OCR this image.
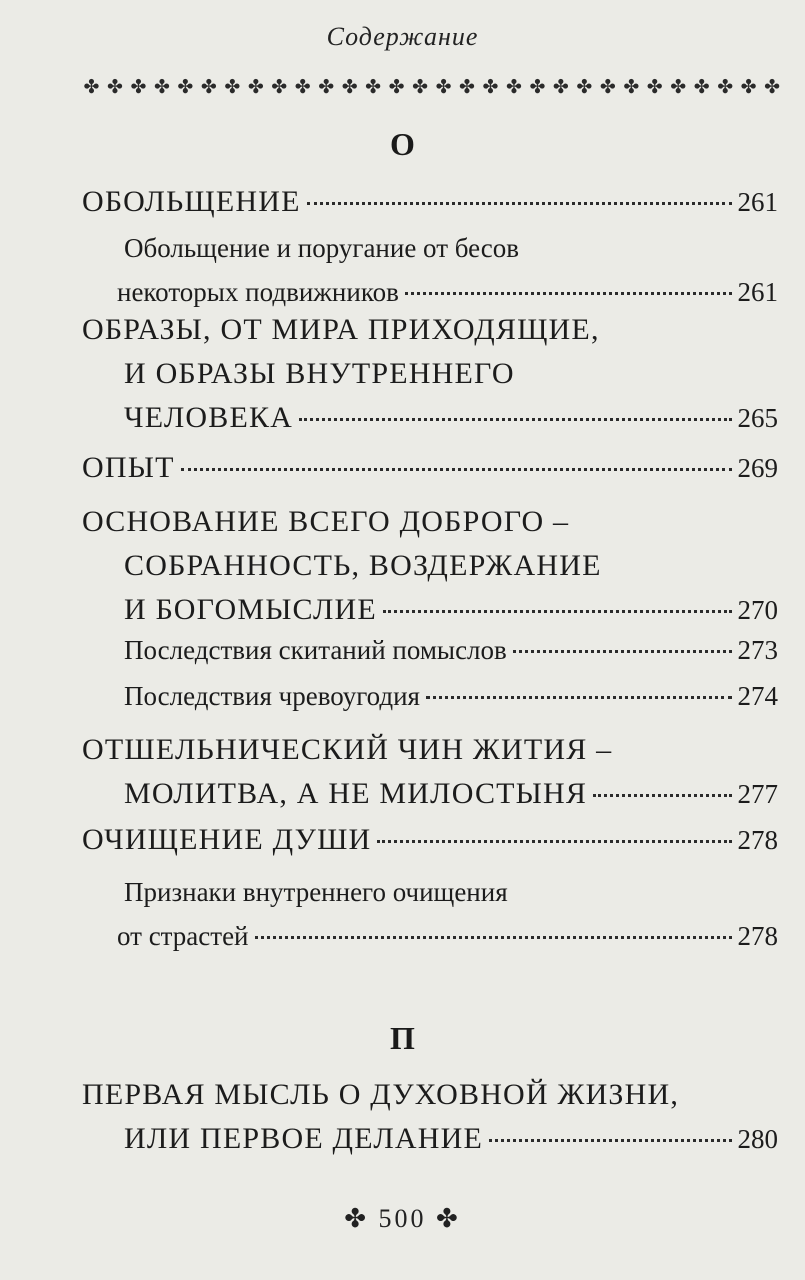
Содержание
✤ ✤ ✤ ✤ ✤ ✤ ✤ ✤ ✤ ✤ ✤ ✤ ✤ ✤ ✤ ✤ ✤ ✤ ✤ ✤ ✤ ✤ ✤ ✤ ✤ ✤ ✤ ✤ ✤ ✤
О
ОБОЛЬЩЕНИЕ	261
Обольщение и поругание от бесов
некоторых подвижников	261
ОБРАЗЫ, ОТ МИРА ПРИХОДЯЩИЕ,
И ОБРАЗЫ ВНУТРЕННЕГО
ЧЕЛОВЕКА	265
ОПЫТ	269
ОСНОВАНИЕ ВСЕГО ДОБРОГО –
СОБРАННОСТЬ, ВОЗДЕРЖАНИЕ
И БОГОМЫСЛИЕ	270
Последствия скитаний помыслов	273
Последствия чревоугодия	274
ОТШЕЛЬНИЧЕСКИЙ ЧИН ЖИТИЯ –
МОЛИТВА, А НЕ МИЛОСТЫНЯ	277
ОЧИЩЕНИЕ ДУШИ	278
Признаки внутреннего очищения
от страстей	278
П
ПЕРВАЯ МЫСЛЬ О ДУХОВНОЙ ЖИЗНИ,
ИЛИ ПЕРВОЕ ДЕЛАНИЕ	280
✤ 500 ✤
